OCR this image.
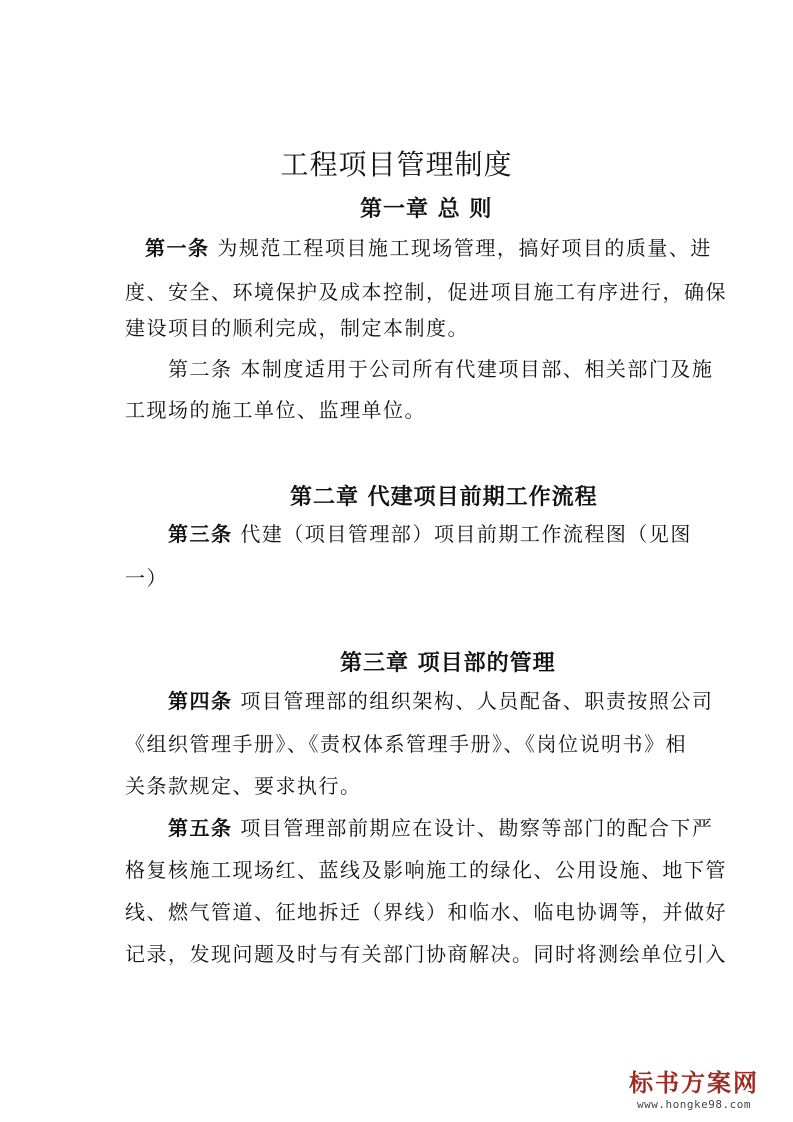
工程项目管理制度
第一章 总 则
第一条 为规范工程项目施工现场管理，搞好项目的质量、进
度、安全、环境保护及成本控制，促进项目施工有序进行，确保
建设项目的顺利完成，制定本制度。
第二条 本制度适用于公司所有代建项目部、相关部门及施
工现场的施工单位、监理单位。
第二章 代建项目前期工作流程
第三条 代建（项目管理部）项目前期工作流程图（见图
一）
第三章 项目部的管理
第四条 项目管理部的组织架构、人员配备、职责按照公司
《组织管理手册》、《责权体系管理手册》、《岗位说明书》相
关条款规定、要求执行。
第五条 项目管理部前期应在设计、勘察等部门的配合下严
格复核施工现场红、蓝线及影响施工的绿化、公用设施、地下管
线、燃气管道、征地拆迁（界线）和临水、临电协调等，并做好
记录，发现问题及时与有关部门协商解决。同时将测绘单位引入
标书方案网
www.hongke98.com
